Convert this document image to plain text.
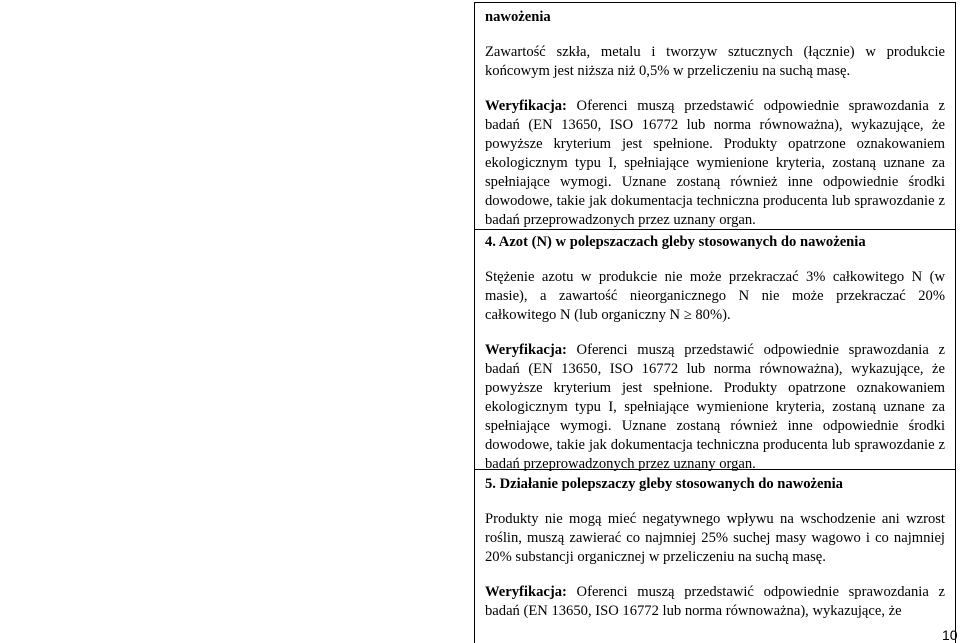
nawożenia

Zawartość szkła, metalu i tworzyw sztucznych (łącznie) w produkcie końcowym jest niższa niż 0,5% w przeliczeniu na suchą masę.

Weryfikacja: Oferenci muszą przedstawić odpowiednie sprawozdania z badań (EN 13650, ISO 16772 lub norma równoważna), wykazujące, że powyższe kryterium jest spełnione. Produkty opatrzone oznakowaniem ekologicznym typu I, spełniające wymienione kryteria, zostaną uznane za spełniające wymogi. Uznane zostaną również inne odpowiednie środki dowodowe, takie jak dokumentacja techniczna producenta lub sprawozdanie z badań przeprowadzonych przez uznany organ.

4. Azot (N) w polepszaczach gleby stosowanych do nawożenia

Stężenie azotu w produkcie nie może przekraczać 3% całkowitego N (w masie), a zawartość nieorganicznego N nie może przekraczać 20% całkowitego N (lub organiczny N ≥ 80%).

Weryfikacja: Oferenci muszą przedstawić odpowiednie sprawozdania z badań (EN 13650, ISO 16772 lub norma równoważna), wykazujące, że powyższe kryterium jest spełnione. Produkty opatrzone oznakowaniem ekologicznym typu I, spełniające wymienione kryteria, zostaną uznane za spełniające wymogi. Uznane zostaną również inne odpowiednie środki dowodowe, takie jak dokumentacja techniczna producenta lub sprawozdanie z badań przeprowadzonych przez uznany organ.

5. Działanie polepszaczy gleby stosowanych do nawożenia

Produkty nie mogą mieć negatywnego wpływu na wschodzenie ani wzrost roślin, muszą zawierać co najmniej 25% suchej masy wagowo i co najmniej 20% substancji organicznej w przeliczeniu na suchą masę.

Weryfikacja: Oferenci muszą przedstawić odpowiednie sprawozdania z badań (EN 13650, ISO 16772 lub norma równoważna), wykazujące, że

10
